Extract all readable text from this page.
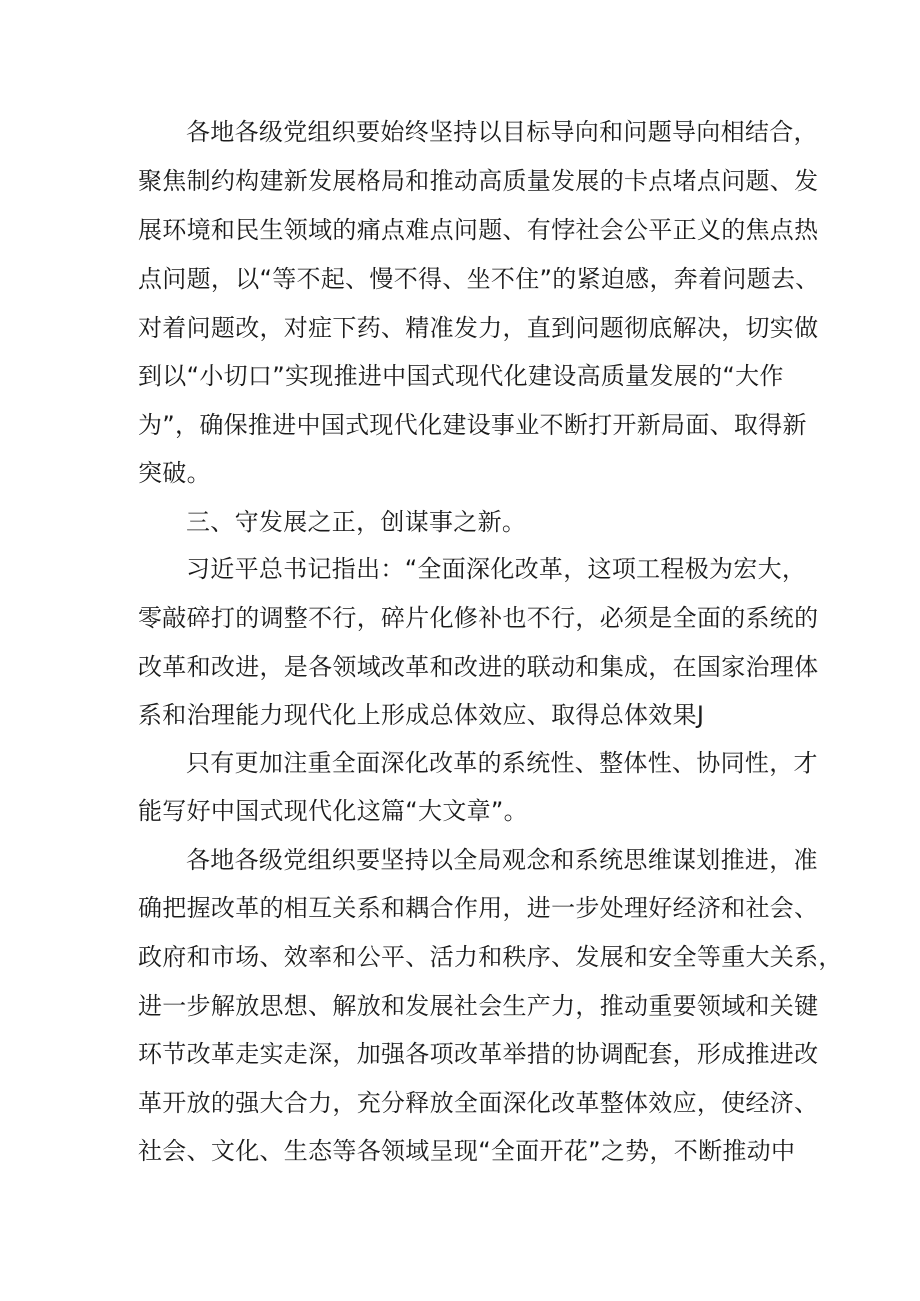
各地各级党组织要始终坚持以目标导向和问题导向相结合，
聚焦制约构建新发展格局和推动高质量发展的卡点堵点问题、发
展环境和民生领域的痛点难点问题、有悖社会公平正义的焦点热
点问题，以“等不起、慢不得、坐不住”的紧迫感，奔着问题去、
对着问题改，对症下药、精准发力，直到问题彻底解决，切实做
到以“小切口”实现推进中国式现代化建设高质量发展的“大作
为”，确保推进中国式现代化建设事业不断打开新局面、取得新
突破。
三、守发展之正，创谋事之新。
习近平总书记指出：“全面深化改革，这项工程极为宏大，
零敲碎打的调整不行，碎片化修补也不行，必须是全面的系统的
改革和改进，是各领域改革和改进的联动和集成，在国家治理体
系和治理能力现代化上形成总体效应、取得总体效果J
只有更加注重全面深化改革的系统性、整体性、协同性，才
能写好中国式现代化这篇“大文章”。
各地各级党组织要坚持以全局观念和系统思维谋划推进，准
确把握改革的相互关系和耦合作用，进一步处理好经济和社会、
政府和市场、效率和公平、活力和秩序、发展和安全等重大关系，
进一步解放思想、解放和发展社会生产力，推动重要领域和关键
环节改革走实走深，加强各项改革举措的协调配套，形成推进改
革开放的强大合力，充分释放全面深化改革整体效应，使经济、
社会、文化、生态等各领域呈现“全面开花”之势，不断推动中
